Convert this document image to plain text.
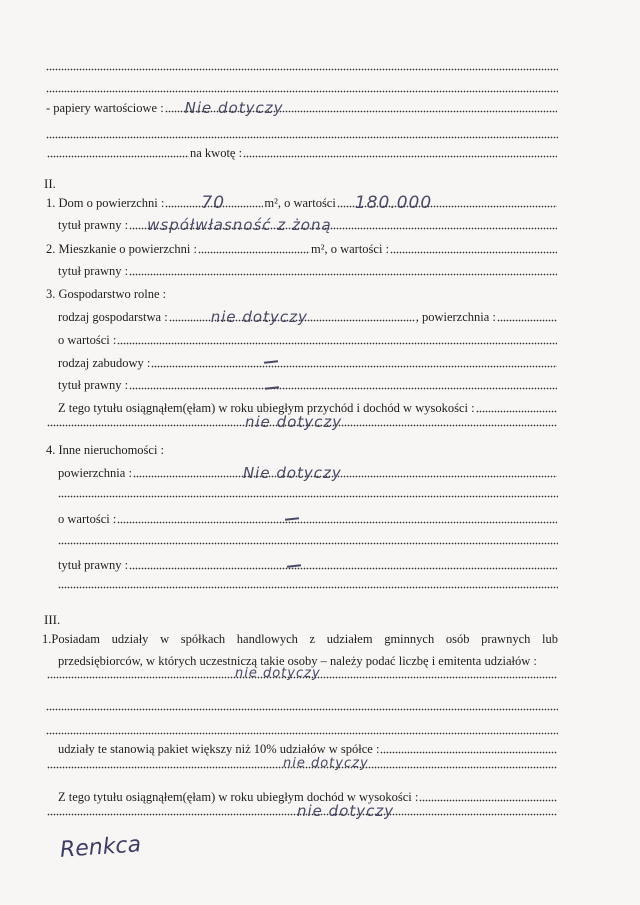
- papiery wartościowe : Nie dotyczy
na kwotę :
II.
1. Dom o powierzchni : 70	m², o wartości 180.000
tytuł prawny : współwłasność z żoną
2. Mieszkanie o powierzchni :	m², o wartości :
tytuł prawny :
3. Gospodarstwo rolne :
rodzaj gospodarstwa :	nie dotyczy	, powierzchnia :
o wartości :
rodzaj zabudowy :
tytuł prawny :
Z tego tytułu osiągnąłem(ęłam) w roku ubiegłym przychód i dochód w wysokości :
nie dotyczy
4. Inne nieruchomości :
powierzchnia :	Nie dotyczy
o wartości :
tytuł prawny :
III.
1.Posiadam udziały w spółkach handlowych z udziałem gminnych osób prawnych lub
przedsiębiorców, w których uczestniczą takie osoby – należy podać liczbę i emitenta udziałów :
nie dotyczy
udziały te stanowią pakiet większy niż 10% udziałów w spółce :
nie dotyczy
Z tego tytułu osiągnąłem(ęłam) w roku ubiegłym dochód w wysokości :
nie dotyczy
Renkca
